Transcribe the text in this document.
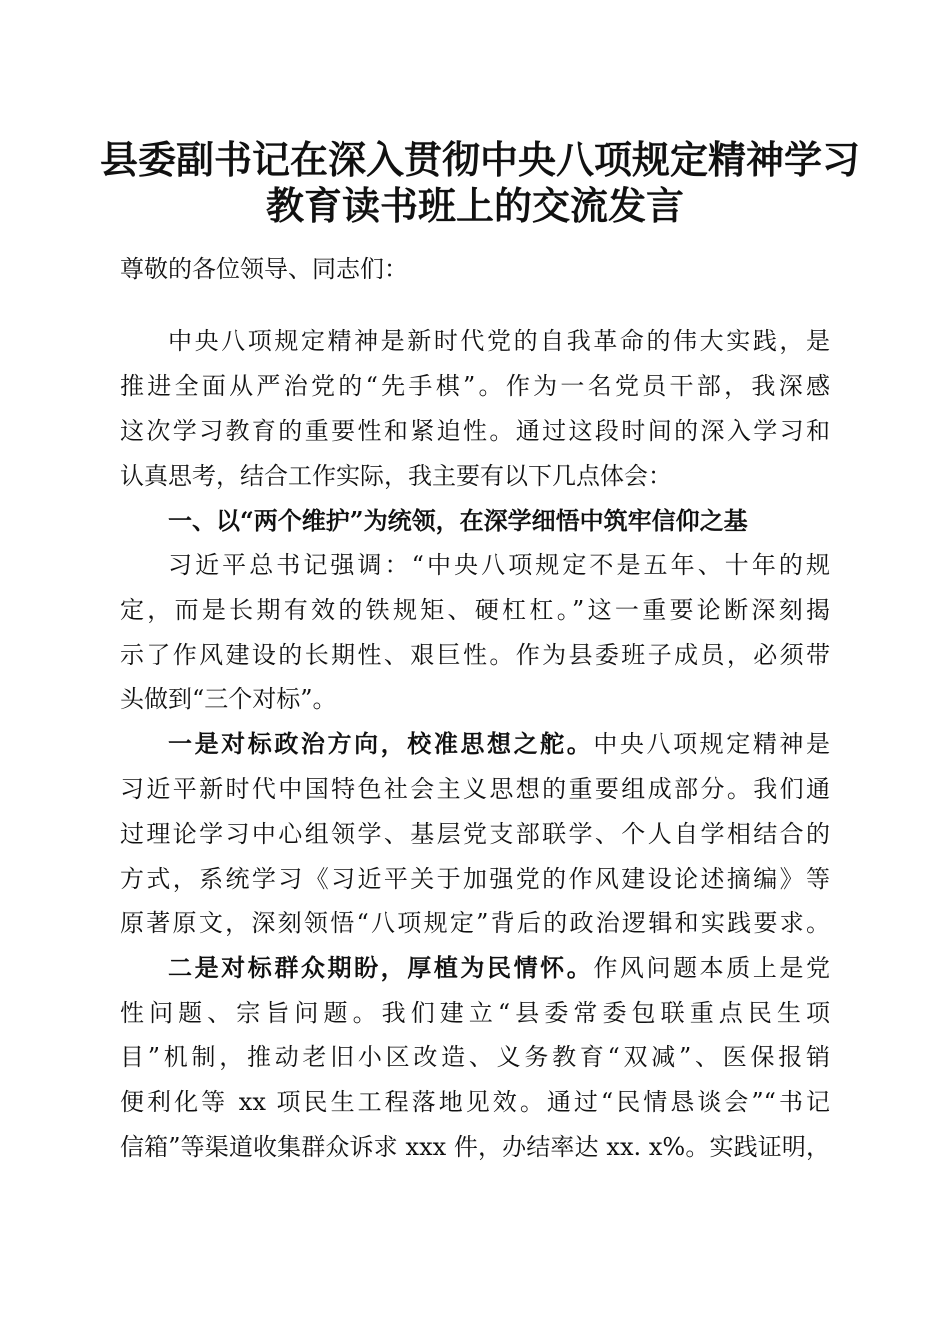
县委副书记在深入贯彻中央八项规定精神学习
教育读书班上的交流发言
尊敬的各位领导、同志们：
中央八项规定精神是新时代党的自我革命的伟大实践，是
推进全面从严治党的“先手棋”。作为一名党员干部，我深感
这次学习教育的重要性和紧迫性。通过这段时间的深入学习和
认真思考，结合工作实际，我主要有以下几点体会：
一、以“两个维护”为统领，在深学细悟中筑牢信仰之基
习近平总书记强调：“中央八项规定不是五年、十年的规
定，而是长期有效的铁规矩、硬杠杠。”这一重要论断深刻揭
示了作风建设的长期性、艰巨性。作为县委班子成员，必须带
头做到“三个对标”。
一是对标政治方向，校准思想之舵。中央八项规定精神是
习近平新时代中国特色社会主义思想的重要组成部分。我们通
过理论学习中心组领学、基层党支部联学、个人自学相结合的
方式，系统学习《习近平关于加强党的作风建设论述摘编》等
原著原文，深刻领悟“八项规定”背后的政治逻辑和实践要求。
二是对标群众期盼，厚植为民情怀。作风问题本质上是党
性问题、宗旨问题。我们建立“县委常委包联重点民生项
目”机制，推动老旧小区改造、义务教育“双减”、医保报销
便利化等 xx 项民生工程落地见效。通过“民情恳谈会”“书记
信箱”等渠道收集群众诉求 xxx 件，办结率达 xx. x%。实践证明，
